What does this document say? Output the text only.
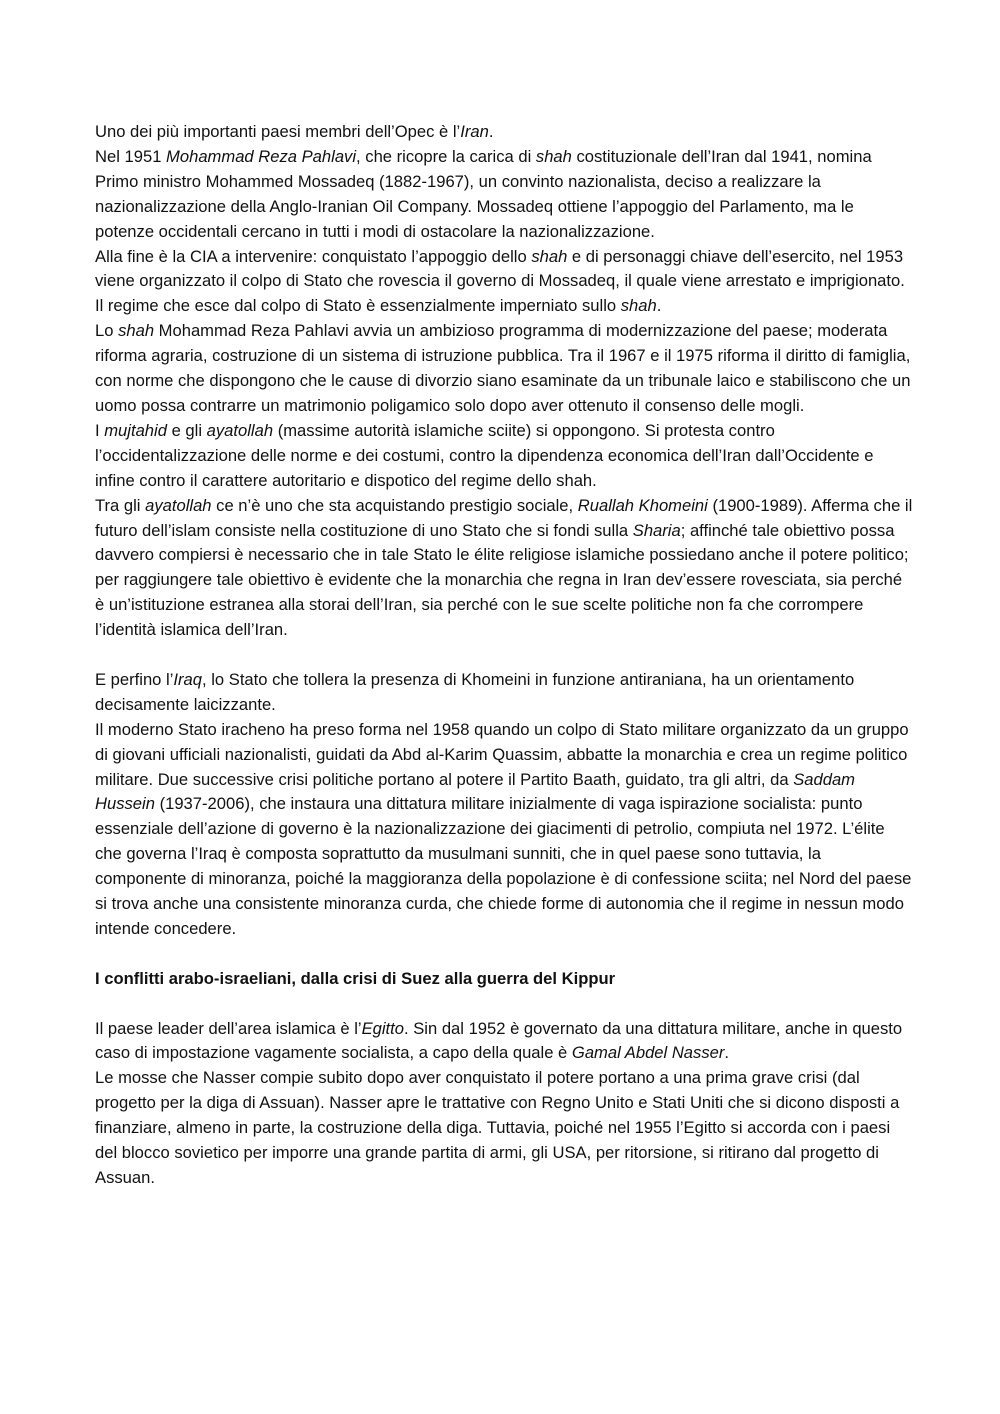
Uno dei più importanti paesi membri dell’Opec è l’Iran.

Nel 1951 Mohammad Reza Pahlavi, che ricopre la carica di shah costituzionale dell’Iran dal 1941, nomina Primo ministro Mohammed Mossadeq (1882-1967), un convinto nazionalista, deciso a realizzare la nazionalizzazione della Anglo-Iranian Oil Company. Mossadeq ottiene l’appoggio del Parlamento, ma le potenze occidentali cercano in tutti i modi di ostacolare la nazionalizzazione.

Alla fine è la CIA a intervenire: conquistato l’appoggio dello shah e di personaggi chiave dell’esercito, nel 1953 viene organizzato il colpo di Stato che rovescia il governo di Mossadeq, il quale viene arrestato e imprigionato.

Il regime che esce dal colpo di Stato è essenzialmente imperniato sullo shah.

Lo shah Mohammad Reza Pahlavi avvia un ambizioso programma di modernizzazione del paese; moderata riforma agraria, costruzione di un sistema di istruzione pubblica. Tra il 1967 e il 1975 riforma il diritto di famiglia, con norme che dispongono che le cause di divorzio siano esaminate da un tribunale laico e stabiliscono che un uomo possa contrarre un matrimonio poligamico solo dopo aver ottenuto il consenso delle mogli.

I mujtahid e gli ayatollah (massime autorità islamiche sciite) si oppongono. Si protesta contro l’occidentalizzazione delle norme e dei costumi, contro la dipendenza economica dell’Iran dall’Occidente e infine contro il carattere autoritario e dispotico del regime dello shah.

Tra gli ayatollah ce n’è uno che sta acquistando prestigio sociale, Ruallah Khomeini (1900-1989). Afferma che il futuro dell’islam consiste nella costituzione di uno Stato che si fondi sulla Sharia; affinché tale obiettivo possa davvero compiersi è necessario che in tale Stato le élite religiose islamiche possiedano anche il potere politico; per raggiungere tale obiettivo è evidente che la monarchia che regna in Iran dev’essere rovesciata, sia perché è un’istituzione estranea alla storai dell’Iran, sia perché con le sue scelte politiche non fa che corrompere l’identità islamica dell’Iran.

E perfino l’Iraq, lo Stato che tollera la presenza di Khomeini in funzione antiraniana, ha un orientamento decisamente laicizzante.

Il moderno Stato iracheno ha preso forma nel 1958 quando un colpo di Stato militare organizzato da un gruppo di giovani ufficiali nazionalisti, guidati da Abd al-Karim Quassim, abbatte la monarchia e crea un regime politico militare. Due successive crisi politiche portano al potere il Partito Baath, guidato, tra gli altri, da Saddam Hussein (1937-2006), che instaura una dittatura militare inizialmente di vaga ispirazione socialista: punto essenziale dell’azione di governo è la nazionalizzazione dei giacimenti di petrolio, compiuta nel 1972. L’élite che governa l’Iraq è composta soprattutto da musulmani sunniti, che in quel paese sono tuttavia, la componente di minoranza, poiché la maggioranza della popolazione è di confessione sciita; nel Nord del paese si trova anche una consistente minoranza curda, che chiede forme di autonomia che il regime in nessun modo intende concedere.

I conflitti arabo-israeliani, dalla crisi di Suez alla guerra del Kippur

Il paese leader dell’area islamica è l’Egitto. Sin dal 1952 è governato da una dittatura militare, anche in questo caso di impostazione vagamente socialista, a capo della quale è Gamal Abdel Nasser.

Le mosse che Nasser compie subito dopo aver conquistato il potere portano a una prima grave crisi (dal progetto per la diga di Assuan). Nasser apre le trattative con Regno Unito e Stati Uniti che si dicono disposti a finanziare, almeno in parte, la costruzione della diga. Tuttavia, poiché nel 1955 l’Egitto si accorda con i paesi del blocco sovietico per imporre una grande partita di armi, gli USA, per ritorsione, si ritirano dal progetto di Assuan.
